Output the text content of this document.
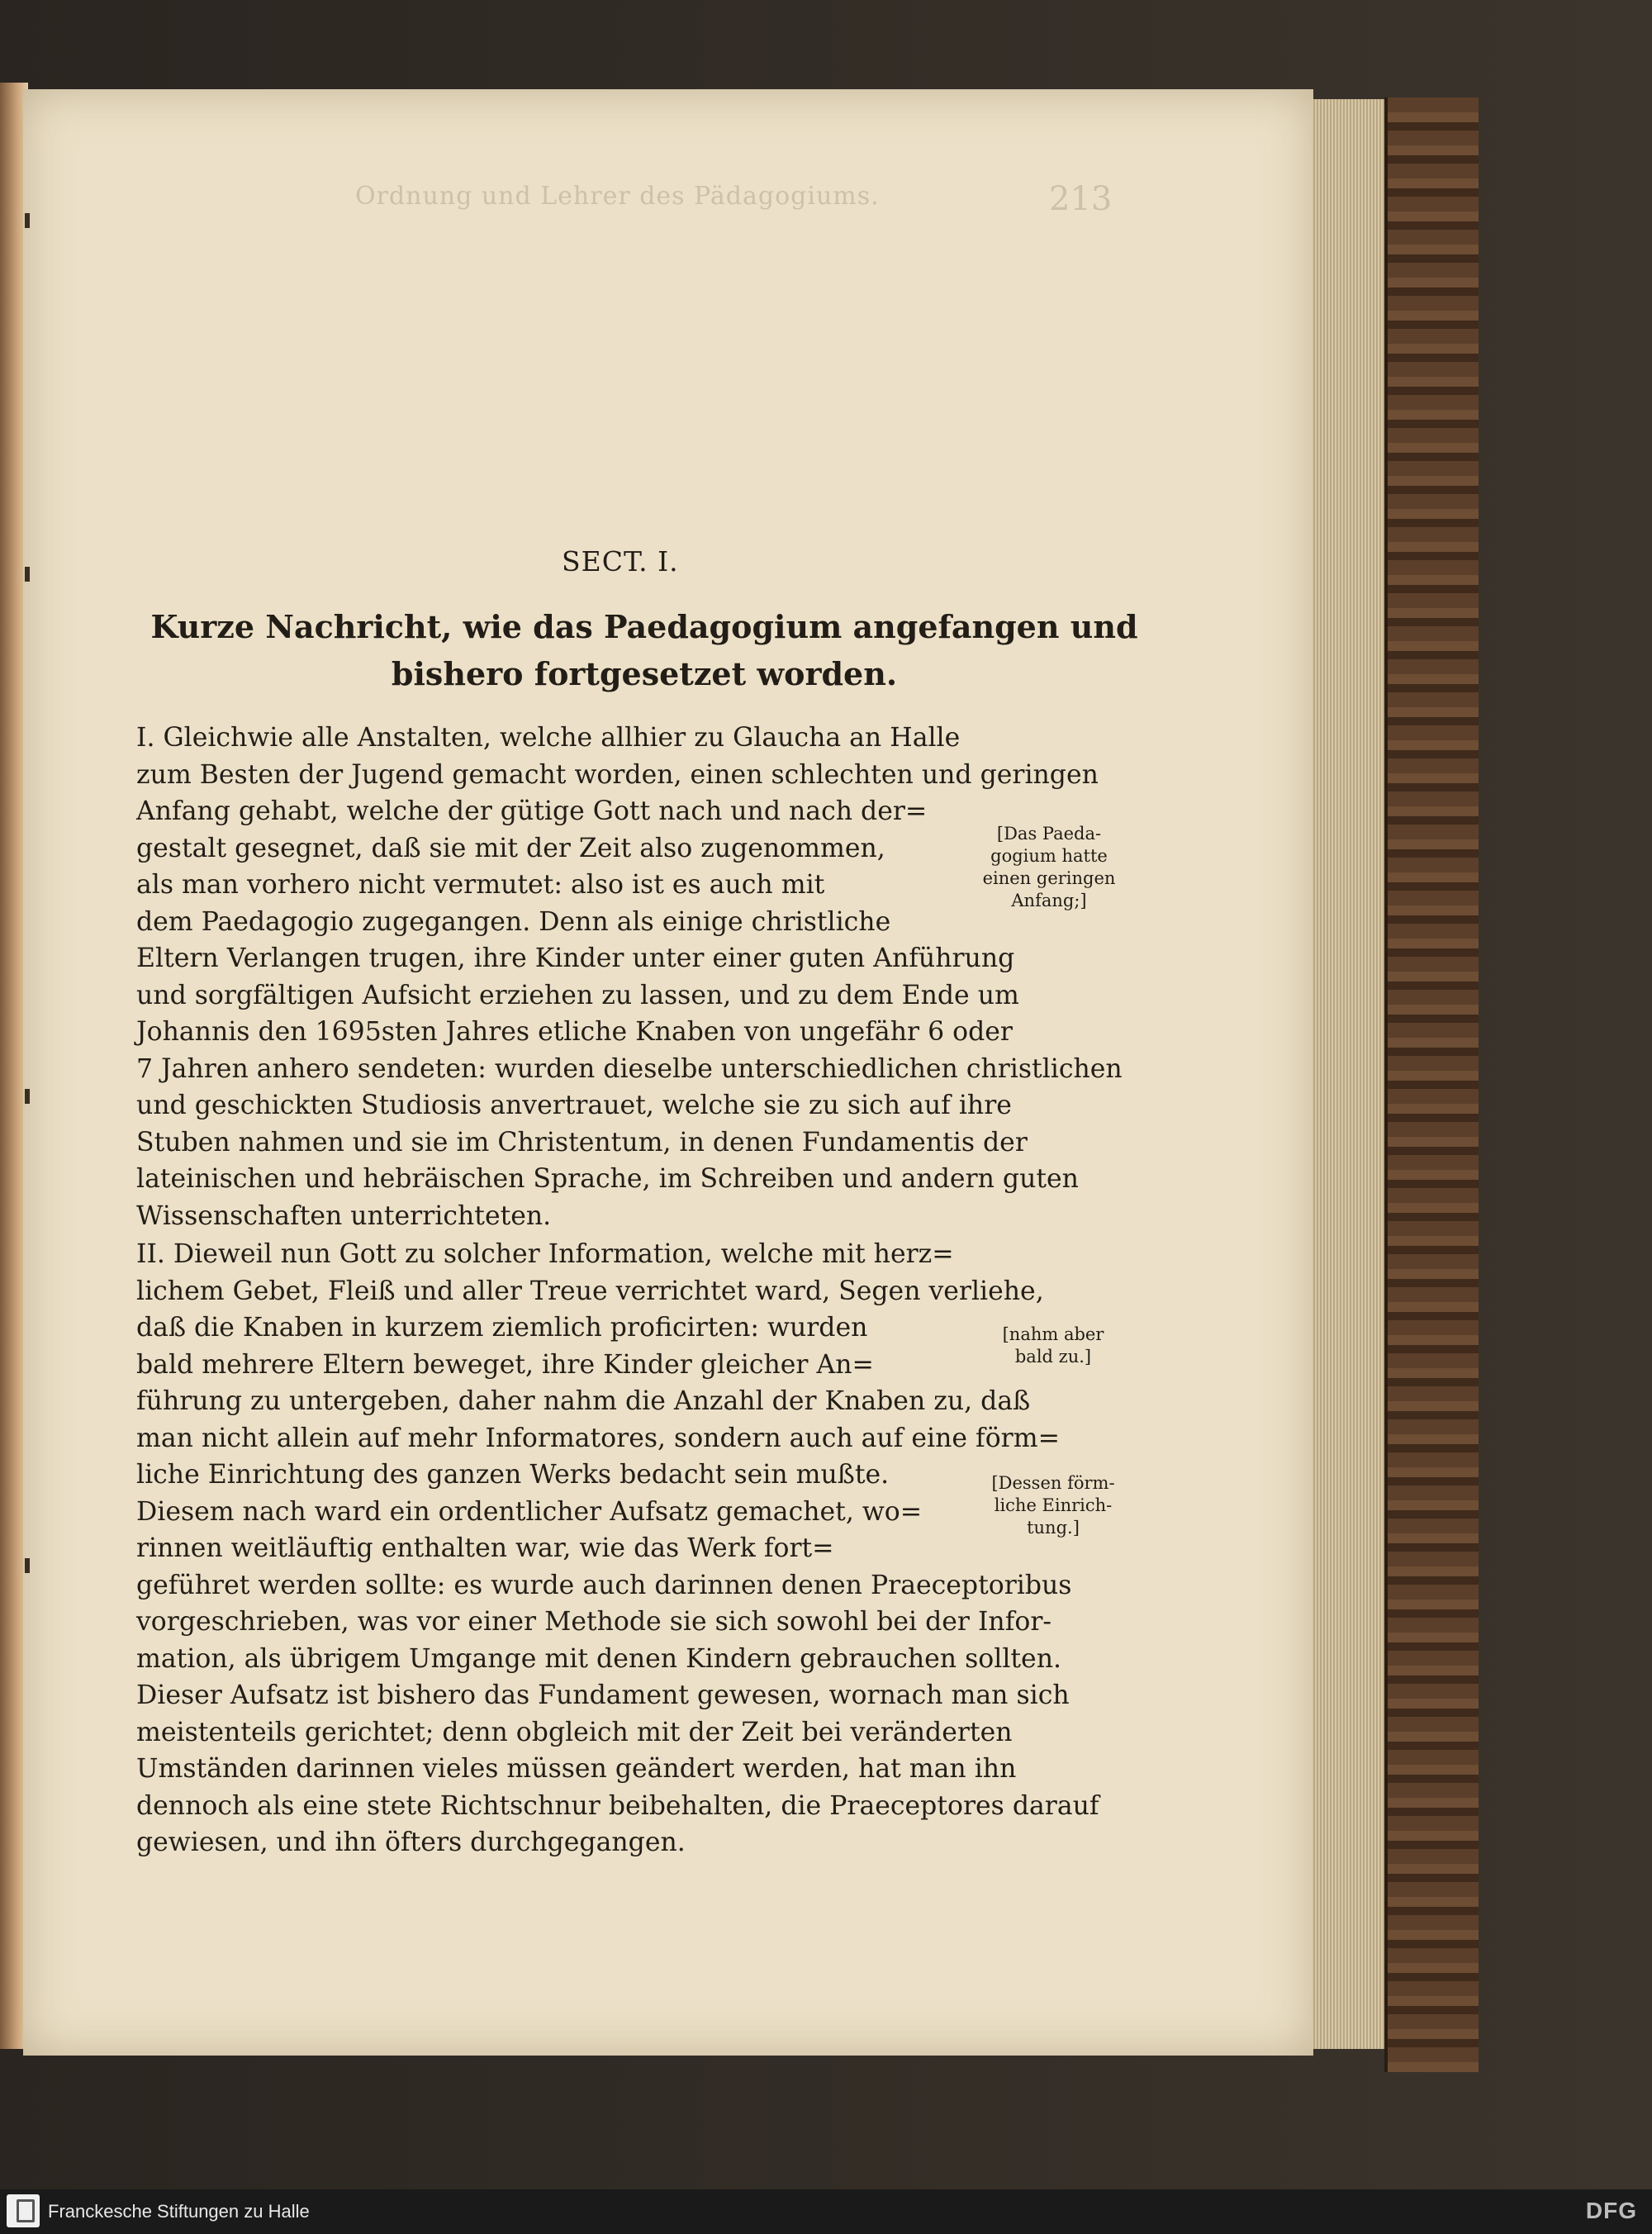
Ordnung und Lehrer des Pädagogiums.	213
SECT. I.
Kurze Nachricht, wie das Paedagogium angefangen und bishero fortgesetzet worden.

I. Gleichwie alle Anstalten, welche allhier zu Glaucha an Halle

zum Besten der Jugend gemacht worden, einen schlechten und geringen

Anfang gehabt, welche der gütige Gott nach und nach der=

gestalt gesegnet, daß sie mit der Zeit also zugenommen,

als man vorhero nicht vermutet: also ist es auch mit

dem Paedagogio zugegangen. Denn als einige christliche

Eltern Verlangen trugen, ihre Kinder unter einer guten Anführung

und sorgfältigen Aufsicht erziehen zu lassen, und zu dem Ende um

Johannis den 1695sten Jahres etliche Knaben von ungefähr 6 oder

7 Jahren anhero sendeten: wurden dieselbe unterschiedlichen christlichen

und geschickten Studiosis anvertrauet, welche sie zu sich auf ihre

Stuben nahmen und sie im Christentum, in denen Fundamentis der

lateinischen und hebräischen Sprache, im Schreiben und andern guten

Wissenschaften unterrichteten.

II. Dieweil nun Gott zu solcher Information, welche mit herz=

lichem Gebet, Fleiß und aller Treue verrichtet ward, Segen verliehe,

daß die Knaben in kurzem ziemlich proficirten: wurden

bald mehrere Eltern beweget, ihre Kinder gleicher An=

führung zu untergeben, daher nahm die Anzahl der Knaben zu, daß

man nicht allein auf mehr Informatores, sondern auch auf eine förm=

liche Einrichtung des ganzen Werks bedacht sein mußte.

Diesem nach ward ein ordentlicher Aufsatz gemachet, wo=

rinnen weitläuftig enthalten war, wie das Werk fort=

geführet werden sollte: es wurde auch darinnen denen Praeceptoribus

vorgeschrieben, was vor einer Methode sie sich sowohl bei der Infor-

mation, als übrigem Umgange mit denen Kindern gebrauchen sollten.

Dieser Aufsatz ist bishero das Fundament gewesen, wornach man sich

meistenteils gerichtet; denn obgleich mit der Zeit bei veränderten

Umständen darinnen vieles müssen geändert werden, hat man ihn

dennoch als eine stete Richtschnur beibehalten, die Praeceptores darauf

gewiesen, und ihn öfters durchgegangen.

[Das Paeda-
gogium hatte
einen geringen
Anfang;]
[nahm aber
bald zu.]
[Dessen förm-
liche Einrich-
tung.]
Franckesche Stiftungen zu Halle	DFG
